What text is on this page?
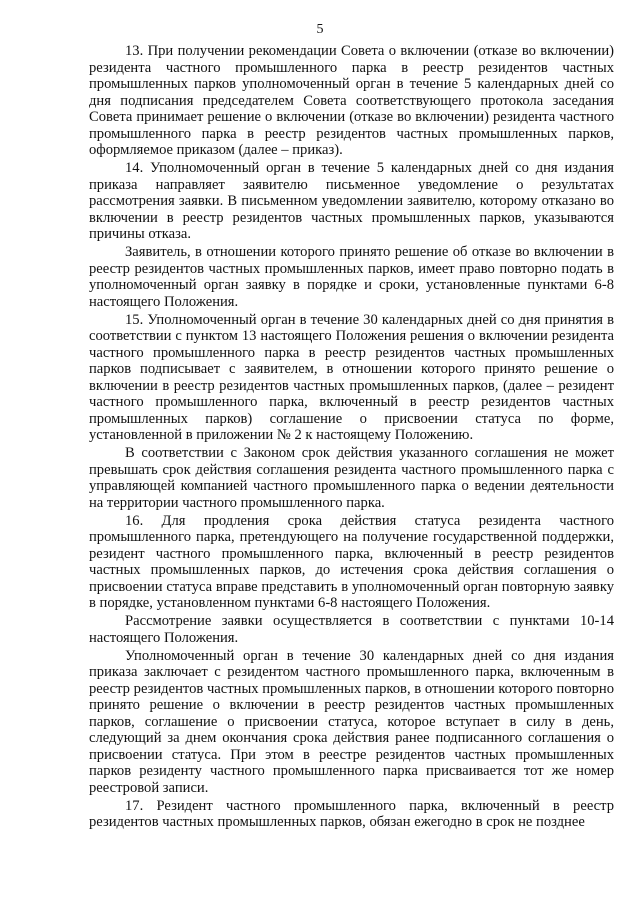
5

13. При получении рекомендации Совета о включении (отказе во включении) резидента частного промышленного парка в реестр резидентов частных промышленных парков уполномоченный орган в течение 5 календарных дней со дня подписания председателем Совета соответствующего протокола заседания Совета принимает решение о включении (отказе во включении) резидента частного промышленного парка в реестр резидентов частных промышленных парков, оформляемое приказом (далее – приказ).

14. Уполномоченный орган в течение 5 календарных дней со дня издания приказа направляет заявителю письменное уведомление о результатах рассмотрения заявки. В письменном уведомлении заявителю, которому отказано во включении в реестр резидентов частных промышленных парков, указываются причины отказа.

Заявитель, в отношении которого принято решение об отказе во включении в реестр резидентов частных промышленных парков, имеет право повторно подать в уполномоченный орган заявку в порядке и сроки, установленные пунктами 6-8 настоящего Положения.

15. Уполномоченный орган в течение 30 календарных дней со дня принятия в соответствии с пунктом 13 настоящего Положения решения о включении резидента частного промышленного парка в реестр резидентов частных промышленных парков подписывает с заявителем, в отношении которого принято решение о включении в реестр резидентов частных промышленных парков, (далее – резидент частного промышленного парка, включенный в реестр резидентов частных промышленных парков) соглашение о присвоении статуса по форме, установленной в приложении № 2 к настоящему Положению.

В соответствии с Законом срок действия указанного соглашения не может превышать срок действия соглашения резидента частного промышленного парка с управляющей компанией частного промышленного парка о ведении деятельности на территории частного промышленного парка.

16. Для продления срока действия статуса резидента частного промышленного парка, претендующего на получение государственной поддержки, резидент частного промышленного парка, включенный в реестр резидентов частных промышленных парков, до истечения срока действия соглашения о присвоении статуса вправе представить в уполномоченный орган повторную заявку в порядке, установленном пунктами 6-8 настоящего Положения.

Рассмотрение заявки осуществляется в соответствии с пунктами 10-14 настоящего Положения.

Уполномоченный орган в течение 30 календарных дней со дня издания приказа заключает с резидентом частного промышленного парка, включенным в реестр резидентов частных промышленных парков, в отношении которого повторно принято решение о включении в реестр резидентов частных промышленных парков, соглашение о присвоении статуса, которое вступает в силу в день, следующий за днем окончания срока действия ранее подписанного соглашения о присвоении статуса. При этом в реестре резидентов частных промышленных парков резиденту частного промышленного парка присваивается тот же номер реестровой записи.

17. Резидент частного промышленного парка, включенный в реестр резидентов частных промышленных парков, обязан ежегодно в срок не позднее
